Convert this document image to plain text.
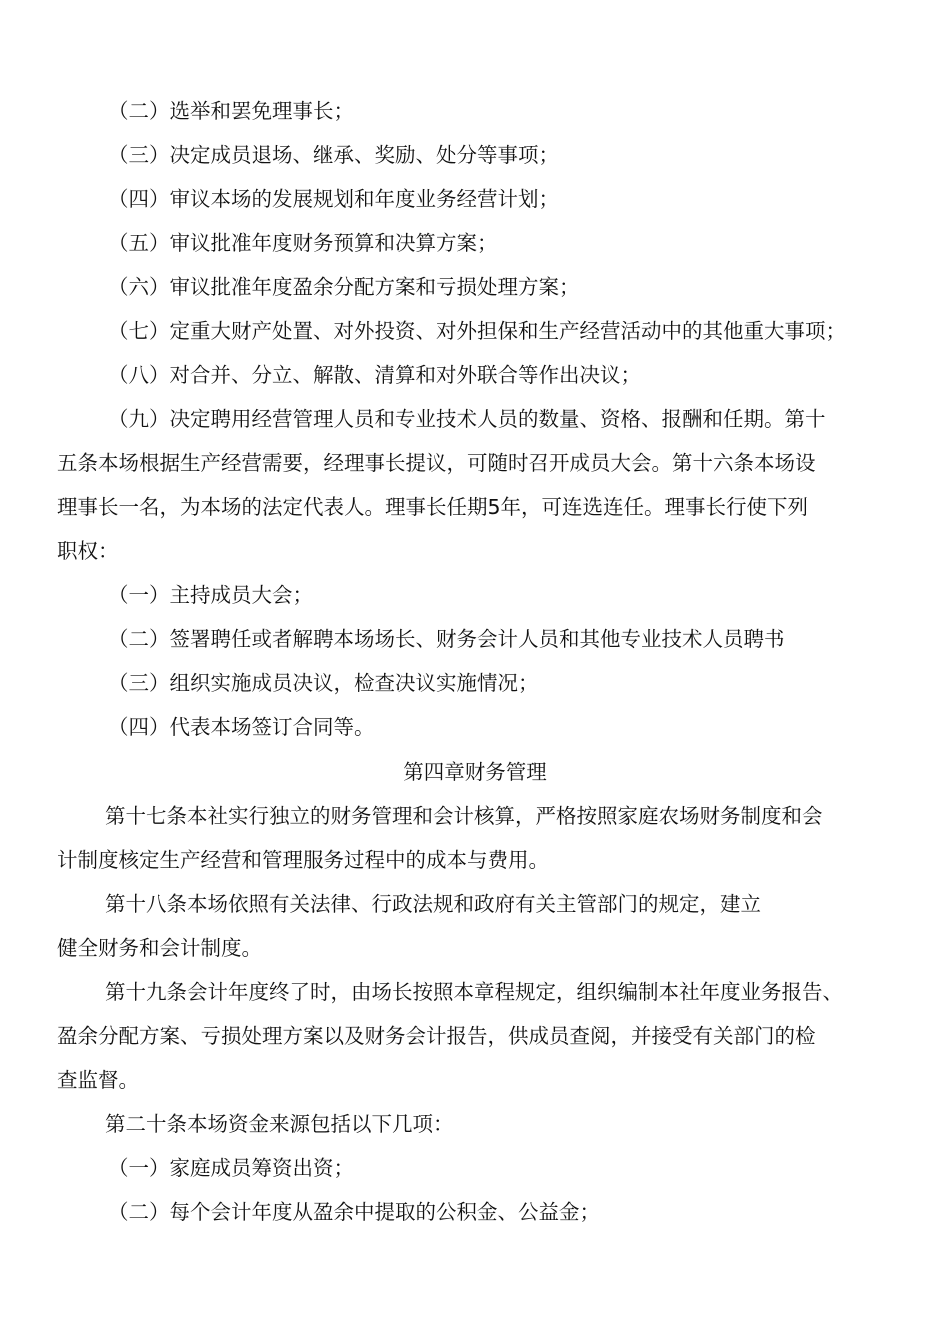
（二）选举和罢免理事长；
（三）决定成员退场、继承、奖励、处分等事项；
（四）审议本场的发展规划和年度业务经营计划；
（五）审议批准年度财务预算和决算方案；
（六）审议批准年度盈余分配方案和亏损处理方案；
（七）定重大财产处置、对外投资、对外担保和生产经营活动中的其他重大事项；
（八）对合并、分立、解散、清算和对外联合等作出决议；
（九）决定聘用经营管理人员和专业技术人员的数量、资格、报酬和任期。第十
五条本场根据生产经营需要，经理事长提议，可随时召开成员大会。第十六条本场设
理事长一名，为本场的法定代表人。理事长任期5年，可连选连任。理事长行使下列
职权：
（一）主持成员大会；
（二）签署聘任或者解聘本场场长、财务会计人员和其他专业技术人员聘书
（三）组织实施成员决议，检查决议实施情况；
（四）代表本场签订合同等。
第四章财务管理
第十七条本社实行独立的财务管理和会计核算，严格按照家庭农场财务制度和会
计制度核定生产经营和管理服务过程中的成本与费用。
第十八条本场依照有关法律、行政法规和政府有关主管部门的规定，建立
健全财务和会计制度。
第十九条会计年度终了时，由场长按照本章程规定，组织编制本社年度业务报告、
盈余分配方案、亏损处理方案以及财务会计报告，供成员查阅，并接受有关部门的检
查监督。
第二十条本场资金来源包括以下几项：
（一）家庭成员筹资出资；
（二）每个会计年度从盈余中提取的公积金、公益金；
